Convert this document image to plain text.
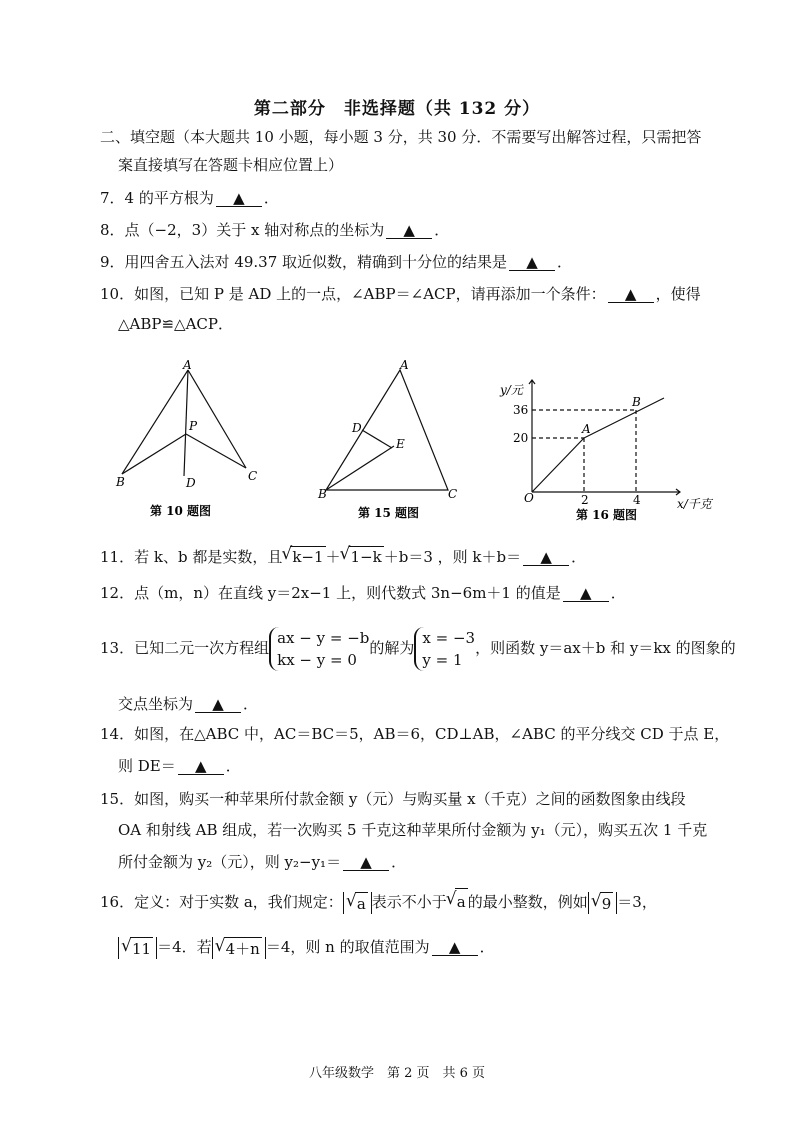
第二部分　非选择题（共 132 分）
二、填空题（本大题共 10 小题，每小题 3 分，共 30 分．不需要写出解答过程，只需把答
案直接填写在答题卡相应位置上）
7．4 的平方根为 ▲ ．
8．点（−2，3）关于 x 轴对称点的坐标为 ▲ ．
9．用四舍五入法对 49.37 取近似数，精确到十分位的结果是 ▲ ．
10．如图，已知 P 是 AD 上的一点，∠ABP＝∠ACP，请再添加一个条件： ▲ ，使得
△ABP≌△ACP．
A
B	C
P
D
第 10 题图
A
B	C
D
E
第 15 题图
y/元
x/千克
O
20
36
2	4
A
B
第 16 题图
11．若 k、b 都是实数，且 √ k−1 ＋ √ 1−k ＋b＝3 ，则 k＋b＝ ▲ ．
12．点（m，n）在直线 y＝2x−1 上，则代数式 3n−6m＋1 的值是 ▲ ．
13．已知二元一次方程组
ax − y = −b
kx − y = 0
的解为
x = −3
y = 1
，则函数 y＝ax＋b 和 y＝kx 的图象的
交点坐标为 ▲ ．
14．如图，在△ABC 中，AC＝BC＝5，AB＝6，CD⊥AB，∠ABC 的平分线交 CD 于点 E，
则 DE＝ ▲ ．
15．如图，购买一种苹果所付款金额 y（元）与购买量 x（千克）之间的函数图象由线段
OA 和射线 AB 组成，若一次购买 5 千克这种苹果所付金额为 y₁（元），购买五次 1 千克
所付金额为 y₂（元），则 y₂−y₁＝ ▲ ．
16．定义：对于实数 a，我们规定： √ a 表示不小于 √ a 的最小整数，例如 √ 9 ＝3，
√ 11 ＝4．若 √ 4＋n ＝4，则 n 的取值范围为 ▲ ．
八年级数学　第 2 页　共 6 页
